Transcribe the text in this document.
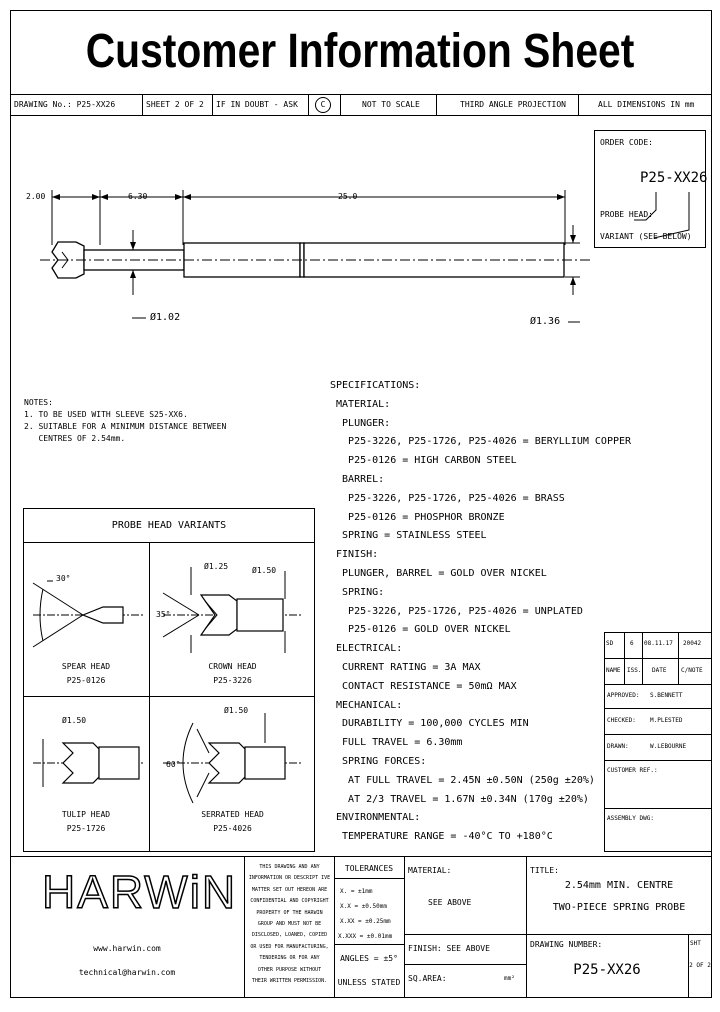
Customer Information Sheet
DRAWING No.: P25-XX26	SHEET 2 OF 2 IF IN DOUBT - ASK	C	NOT TO SCALE	THIRD ANGLE PROJECTION	ALL DIMENSIONS IN mm
ORDER CODE:
P25-XX26
PROBE HEAD:
VARIANT (SEE BELOW)
2.00	6.30	25.0
Ø1.02	Ø1.36
NOTES:
1. TO BE USED WITH SLEEVE S25-XX6.
2. SUITABLE FOR A MINIMUM DISTANCE BETWEEN
CENTRES OF 2.54mm.
PROBE HEAD VARIANTS
30°
SPEAR HEAD
P25-0126
Ø1.25	Ø1.50
35°
CROWN HEAD
P25-3226
Ø1.50
TULIP HEAD
P25-1726
Ø1.50
60°
SERRATED HEAD
P25-4026
SPECIFICATIONS:
MATERIAL:
PLUNGER:
P25-3226, P25-1726, P25-4026 = BERYLLIUM COPPER
P25-0126 = HIGH CARBON STEEL
BARREL:
P25-3226, P25-1726, P25-4026 = BRASS
P25-0126 = PHOSPHOR BRONZE
SPRING = STAINLESS STEEL
FINISH:
PLUNGER, BARREL = GOLD OVER NICKEL
SPRING:
P25-3226, P25-1726, P25-4026 = UNPLATED
P25-0126 = GOLD OVER NICKEL
ELECTRICAL:
CURRENT RATING = 3A MAX
CONTACT RESISTANCE = 50mΩ MAX
MECHANICAL:
DURABILITY = 100,000 CYCLES MIN
FULL TRAVEL = 6.30mm
SPRING FORCES:
AT FULL TRAVEL = 2.45N ±0.50N (250g ±20%)
AT 2/3 TRAVEL = 1.67N ±0.34N (170g ±20%)
ENVIRONMENTAL:
TEMPERATURE RANGE = -40°C TO +180°C
SD	6 08.11.17 20042
NAME ISS. DATE C/NOTE
APPROVED: S.BENNETT
CHECKED: M.PLESTED
DRAWN:	W.LEBOURNE
CUSTOMER REF.:
ASSEMBLY DWG:
HARWiN
www.harwin.com
technical@harwin.com
THIS DRAWING AND ANY
INFORMATION OR DESCRIPT IVE
MATTER SET OUT HEREON ARE
CONFIDENTIAL AND COPYRIGHT
PROPERTY OF THE HARWIN
GROUP AND MUST NOT BE
DISCLOSED, LOANED, COPIED
OR USED FOR MANUFACTURING,
TENDERING OR FOR ANY
OTHER PURPOSE WITHOUT
THEIR WRITTEN PERMISSION.
TOLERANCES
X. = ±1mm
X.X = ±0.50mm
X.XX = ±0.25mm
X.XXX = ±0.01mm
ANGLES = ±5°
UNLESS STATED
MATERIAL:
SEE ABOVE
FINISH: SEE ABOVE
SQ.AREA:	mm²
TITLE:
2.54mm MIN. CENTRE
TWO-PIECE SPRING PROBE
DRAWING NUMBER:
P25-XX26
SHT
2 OF 2
